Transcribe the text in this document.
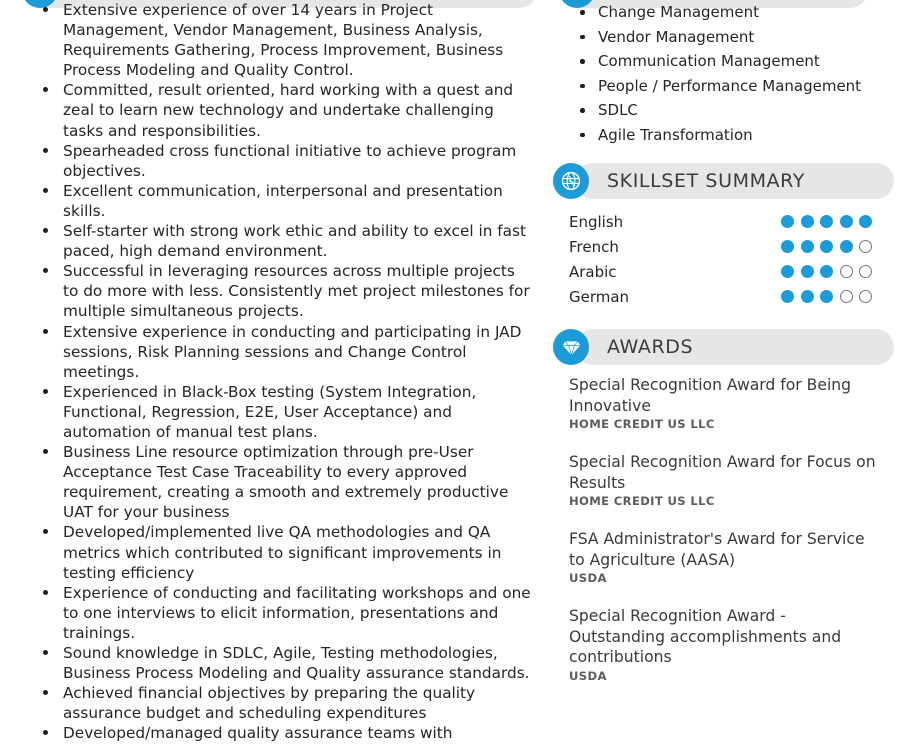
Extensive experience of over 14 years in Project Management, Vendor Management, Business Analysis, Requirements Gathering, Process Improvement, Business Process Modeling and Quality Control.
Committed, result oriented, hard working with a quest and zeal to learn new technology and undertake challenging tasks and responsibilities.
Spearheaded cross functional initiative to achieve program objectives.
Excellent communication, interpersonal and presentation skills.
Self-starter with strong work ethic and ability to excel in fast paced, high demand environment.
Successful in leveraging resources across multiple projects to do more with less. Consistently met project milestones for multiple simultaneous projects.
Extensive experience in conducting and participating in JAD sessions, Risk Planning sessions and Change Control meetings.
Experienced in Black-Box testing (System Integration, Functional, Regression, E2E, User Acceptance) and automation of manual test plans.
Business Line resource optimization through pre-User Acceptance Test Case Traceability to every approved requirement, creating a smooth and extremely productive UAT for your business
Developed/implemented live QA methodologies and QA metrics which contributed to significant improvements in testing efficiency
Experience of conducting and facilitating workshops and one to one interviews to elicit information, presentations and trainings.
Sound knowledge in SDLC, Agile, Testing methodologies, Business Process Modeling and Quality assurance standards.
Achieved financial objectives by preparing the quality assurance budget and scheduling expenditures
Developed/managed quality assurance teams with
Change Management
Vendor Management
Communication Management
People / Performance Management
SDLC
Agile Transformation
SKILLSET SUMMARY
English
French
Arabic
German
AWARDS
Special Recognition Award for Being Innovative
HOME CREDIT US LLC
Special Recognition Award for Focus on Results
HOME CREDIT US LLC
FSA Administrator's Award for Service to Agriculture (AASA)
USDA
Special Recognition Award - Outstanding accomplishments and contributions
USDA
